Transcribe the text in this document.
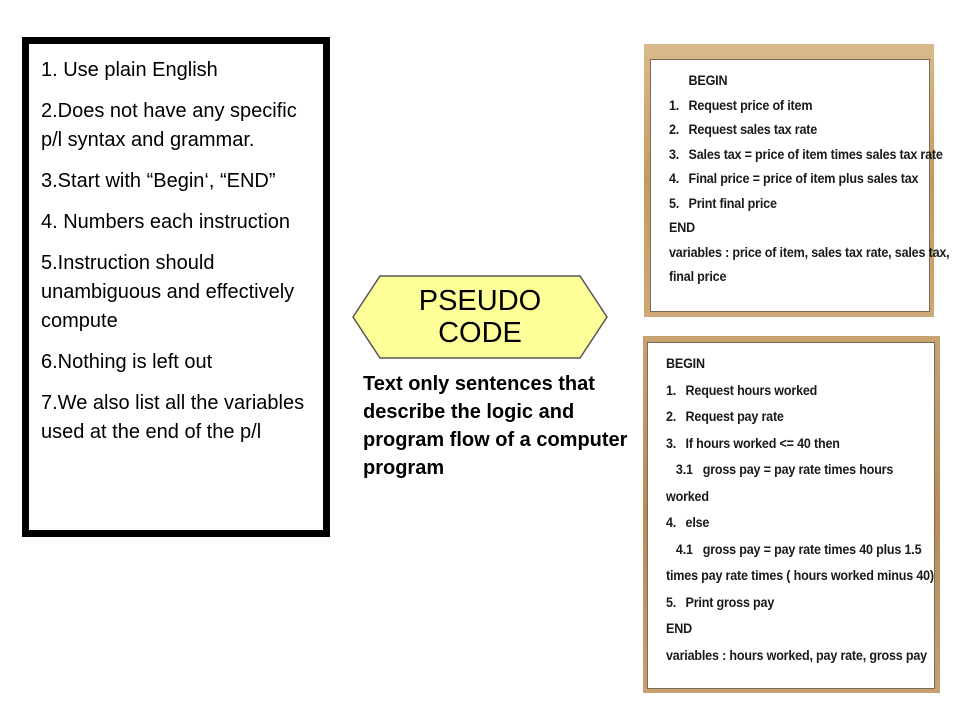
1. Use plain English

2.Does not have any specific p/l syntax and grammar.

3.Start with “Begin‘, “END”

4. Numbers each instruction

5.Instruction should unambiguous and effectively compute

6.Nothing is left out

7.We also list all the variables used at the end of the p/l

PSEUDO
CODE
Text only sentences that describe the logic and program flow of a computer program
BEGIN
1. Request price of item
2. Request sales tax rate
3. Sales tax = price of item times sales tax rate
4. Final price = price of item plus sales tax
5. Print final price
END
variables : price of item, sales tax rate, sales tax,
final price
BEGIN
1. Request hours worked
2. Request pay rate
3. If hours worked <= 40 then
3.1   gross pay = pay rate times hours
worked
4. else
4.1   gross pay = pay rate times 40 plus 1.5
times pay rate times ( hours worked minus 40)
5. Print gross pay
END
variables : hours worked, pay rate, gross pay
